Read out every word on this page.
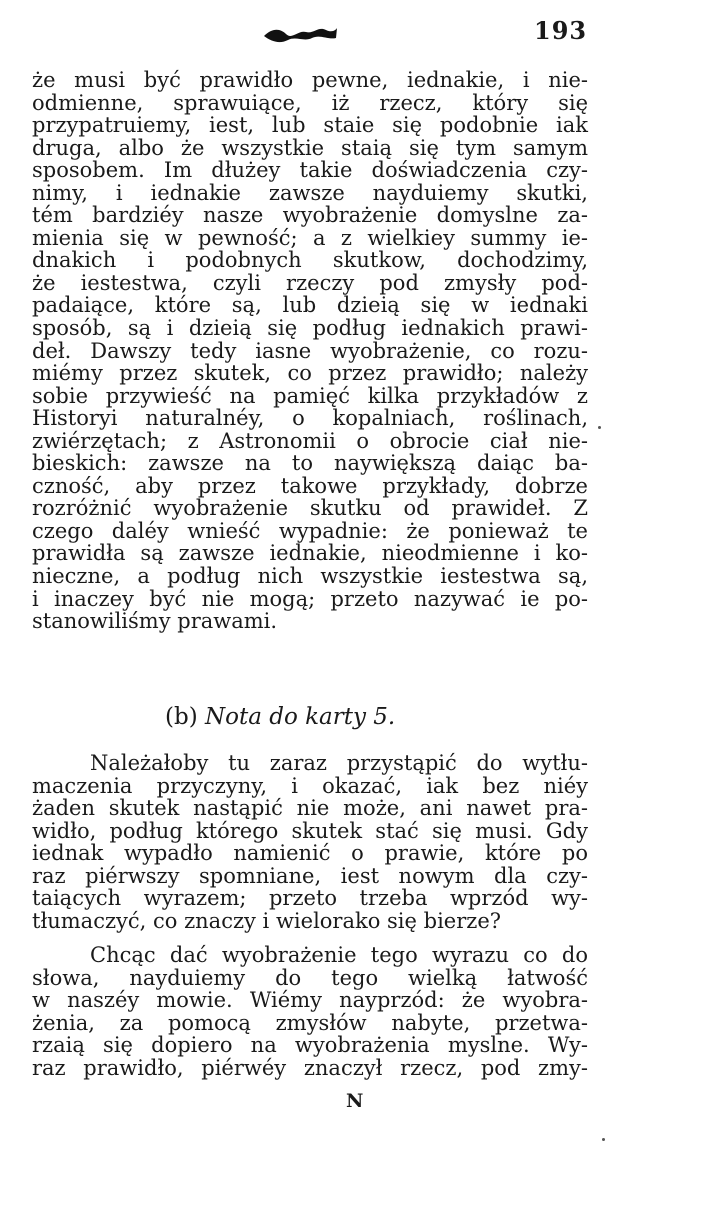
193
że musi być prawidło pewne, iednakie, i nie-
odmienne, sprawuiące, iż rzecz, który się
przypatruiemy, iest, lub staie się podobnie iak
druga, albo że wszystkie staią się tym samym
sposobem. Im dłużey takie doświadczenia czy-
nimy, i iednakie zawsze nayduiemy skutki,
tém bardziéy nasze wyobrażenie domyslne za-
mienia się w pewność; a z wielkiey summy ie-
dnakich i podobnych skutkow, dochodzimy,
że iestestwa, czyli rzeczy pod zmysły pod-
padaiące, które są, lub dzieią się w iednaki
sposób, są i dzieią się podług iednakich prawi-
deł. Dawszy tedy iasne wyobrażenie, co rozu-
miémy przez skutek, co przez prawidło; należy
sobie przywieść na pamięć kilka przykładów z
Historyi naturalnéy, o kopalniach, roślinach,
zwiérzętach; z Astronomii o obrocie ciał nie-
bieskich: zawsze na to naywiększą daiąc ba-
czność, aby przez takowe przykłady, dobrze
rozróżnić wyobrażenie skutku od prawideł. Z
czego daléy wnieść wypadnie: że ponieważ te
prawidła są zawsze iednakie, nieodmienne i ko-
nieczne, a podług nich wszystkie iestestwa są,
i inaczey być nie mogą; przeto nazywać ie po-
stanowiliśmy prawami.
(b) Nota do karty 5.
Należałoby tu zaraz przystąpić do wytłu-
maczenia przyczyny, i okazać, iak bez niéy
żaden skutek nastąpić nie może, ani nawet pra-
widło, podług którego skutek stać się musi. Gdy
iednak wypadło namienić o prawie, które po
raz piérwszy spomniane, iest nowym dla czy-
taiących wyrazem; przeto trzeba wprzód wy-
tłumaczyć, co znaczy i wielorako się bierze?
Chcąc dać wyobrażenie tego wyrazu co do
słowa, nayduiemy do tego wielką łatwość
w naszéy mowie. Wiémy nayprzód: że wyobra-
żenia, za pomocą zmysłów nabyte, przetwa-
rzaią się dopiero na wyobrażenia myslne. Wy-
raz prawidło, piérwéy znaczył rzecz, pod zmy-
N
